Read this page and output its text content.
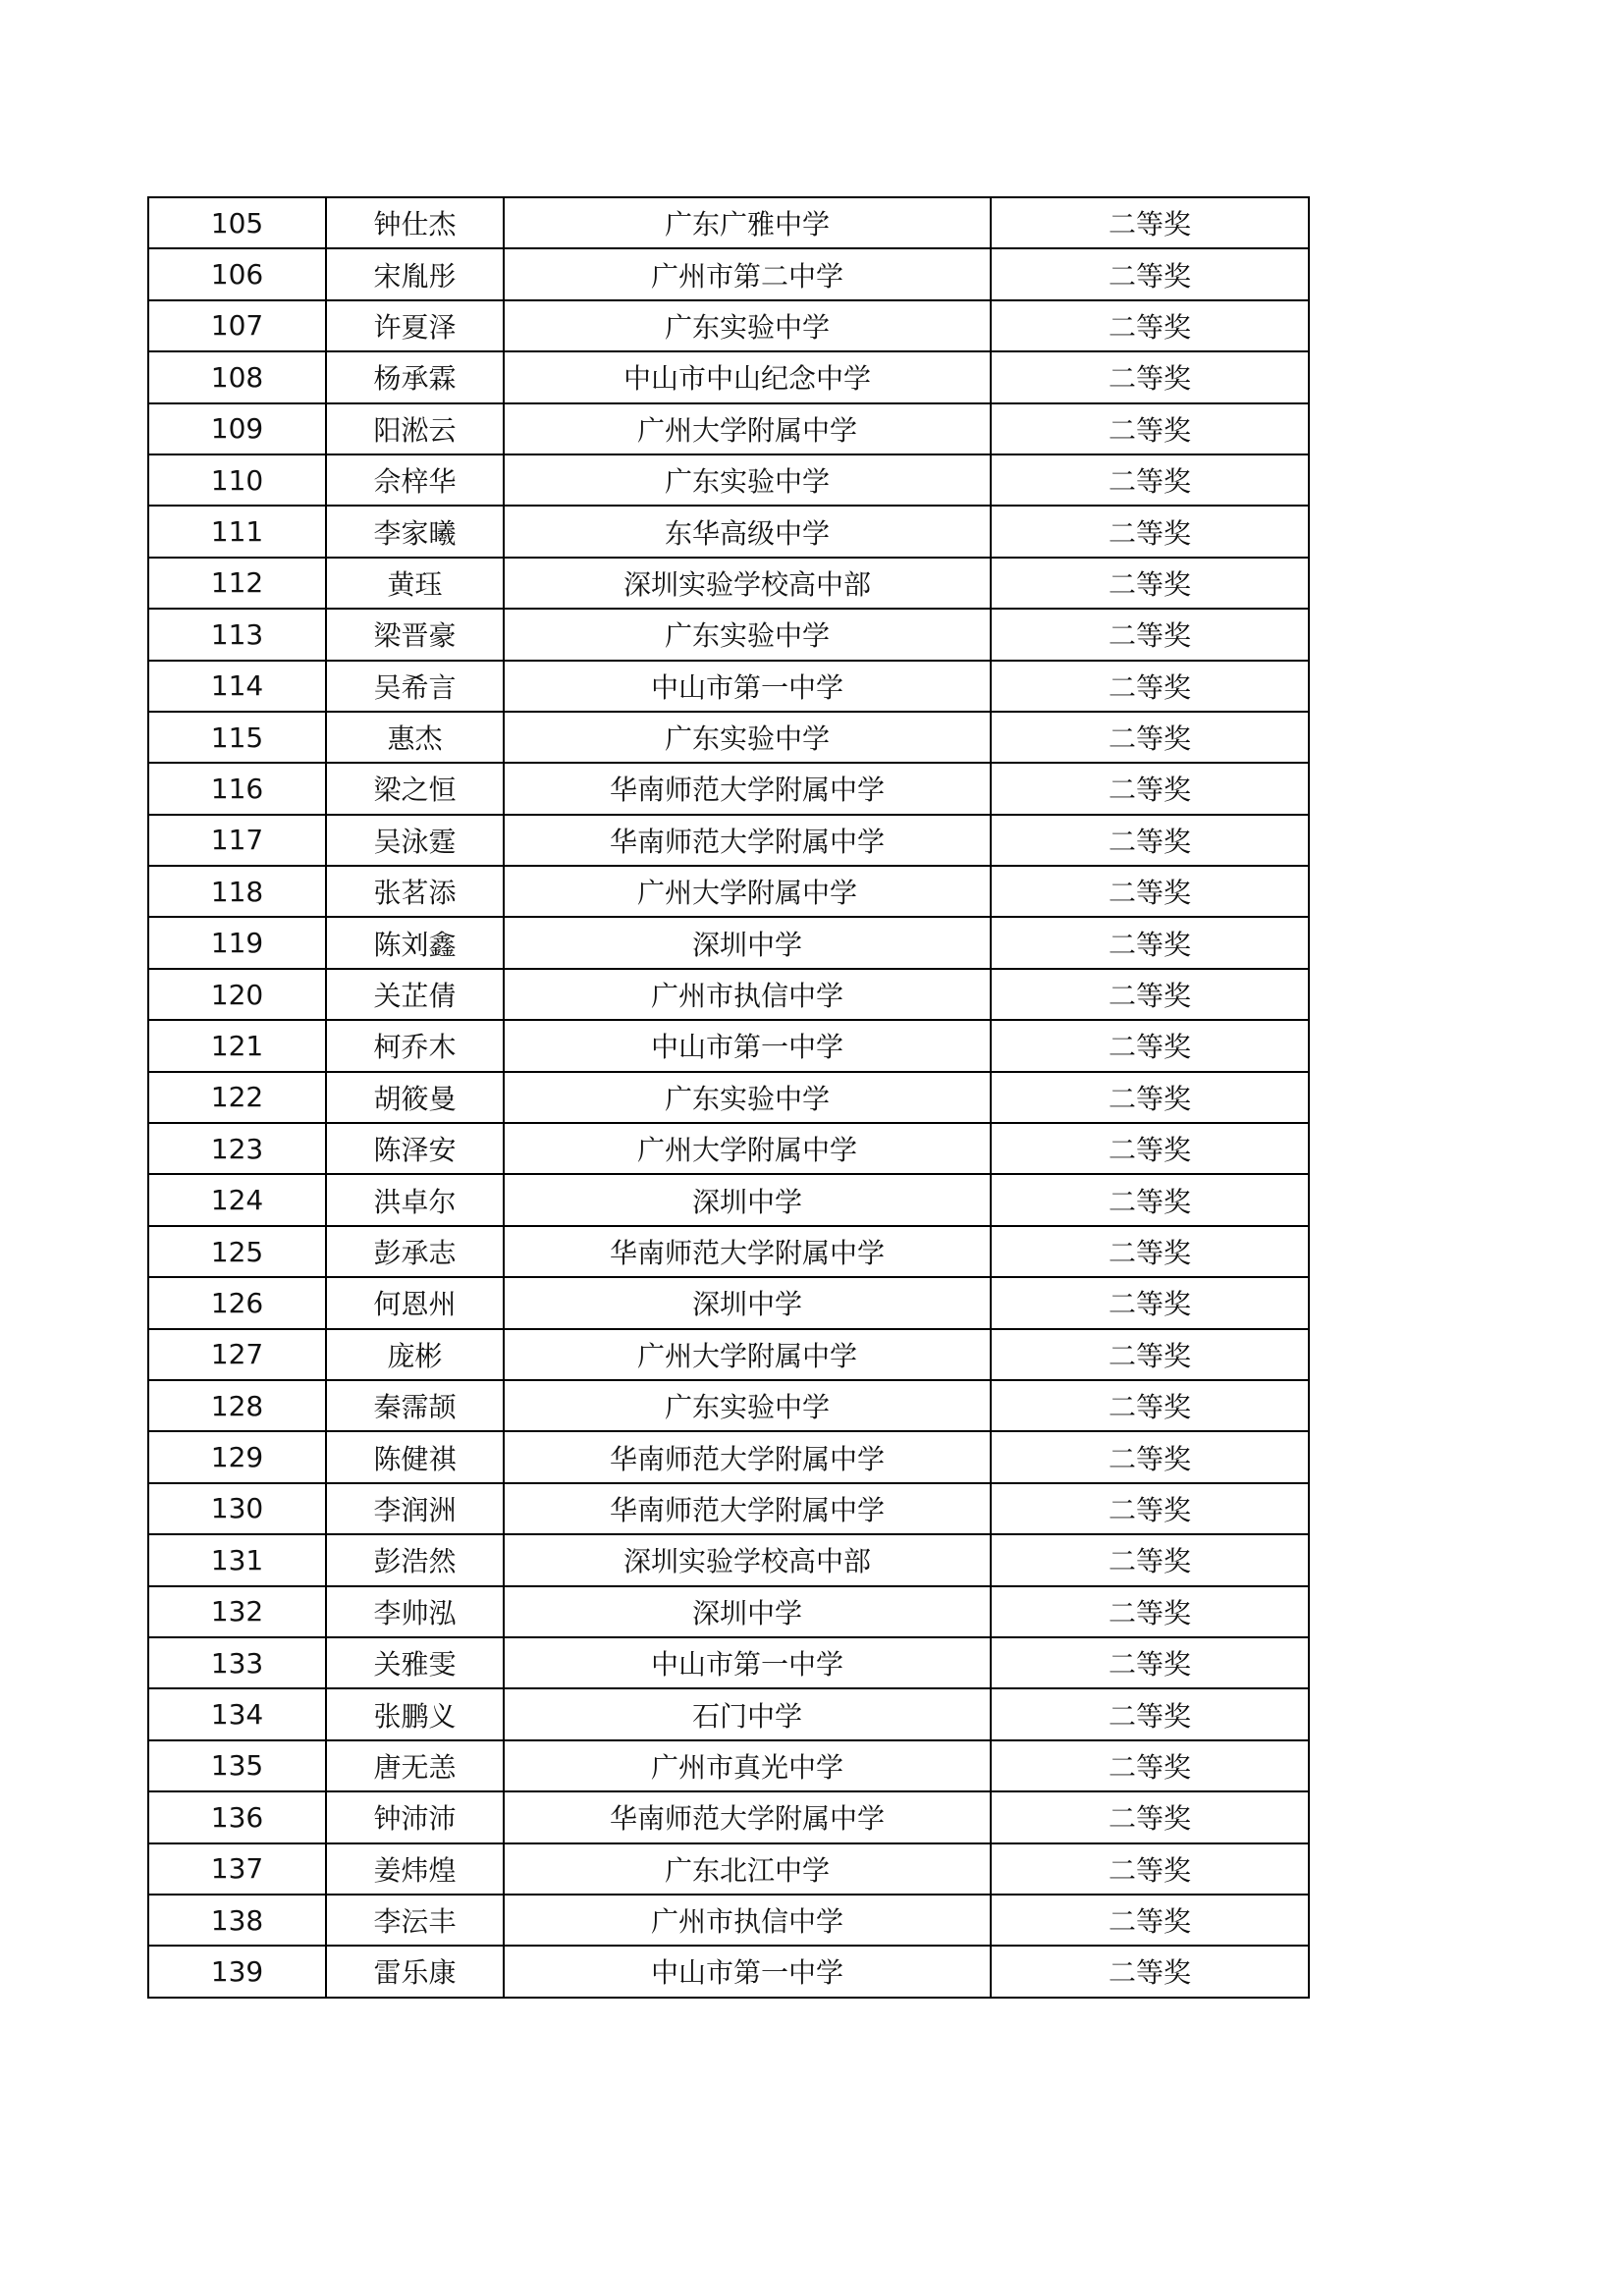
105	钟仕杰	广东广雅中学	二等奖
106	宋胤彤	广州市第二中学	二等奖
107	许夏泽	广东实验中学	二等奖
108	杨承霖	中山市中山纪念中学	二等奖
109	阳淞云	广州大学附属中学	二等奖
110	佘梓华	广东实验中学	二等奖
111	李家曦	东华高级中学	二等奖
112	黄珏	深圳实验学校高中部	二等奖
113	梁晋豪	广东实验中学	二等奖
114	吴希言	中山市第一中学	二等奖
115	惠杰	广东实验中学	二等奖
116	梁之恒	华南师范大学附属中学	二等奖
117	吴泳霆	华南师范大学附属中学	二等奖
118	张茗添	广州大学附属中学	二等奖
119	陈刘鑫	深圳中学	二等奖
120	关芷倩	广州市执信中学	二等奖
121	柯乔木	中山市第一中学	二等奖
122	胡筱曼	广东实验中学	二等奖
123	陈泽安	广州大学附属中学	二等奖
124	洪卓尔	深圳中学	二等奖
125	彭承志	华南师范大学附属中学	二等奖
126	何恩州	深圳中学	二等奖
127	庞彬	广州大学附属中学	二等奖
128	秦霈颉	广东实验中学	二等奖
129	陈健祺	华南师范大学附属中学	二等奖
130	李润洲	华南师范大学附属中学	二等奖
131	彭浩然	深圳实验学校高中部	二等奖
132	李帅泓	深圳中学	二等奖
133	关雅雯	中山市第一中学	二等奖
134	张鹏义	石门中学	二等奖
135	唐无恙	广州市真光中学	二等奖
136	钟沛沛	华南师范大学附属中学	二等奖
137	姜炜煌	广东北江中学	二等奖
138	李沄丰	广州市执信中学	二等奖
139	雷乐康	中山市第一中学	二等奖
